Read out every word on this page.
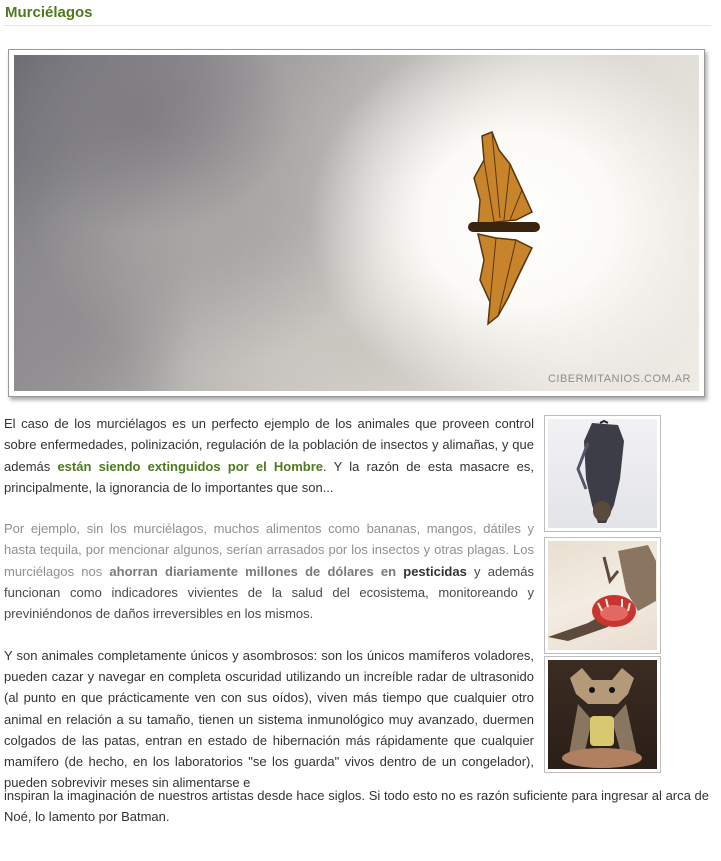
Murciélagos
CIBERMITANIOS.COM.AR

El caso de los murciélagos es un perfecto ejemplo de los animales que proveen control sobre enfermedades, polinización, regulación de la población de insectos y alimañas, y que además están siendo extinguidos por el Hombre. Y la razón de esta masacre es, principalmente, la ignorancia de lo importantes que son...

Por ejemplo, sin los murciélagos, muchos alimentos como bananas, mangos, dátiles y hasta tequila, por mencionar algunos, serían arrasados por los insectos y otras plagas. Los murciélagos nos ahorran diariamente millones de dólares en pesticidas y además funcionan como indicadores vivientes de la salud del ecosistema, monitoreando y previniéndonos de daños irreversibles en los mismos.

Y son animales completamente únicos y asombrosos: son los únicos mamíferos voladores, pueden cazar y navegar en completa oscuridad utilizando un increíble radar de ultrasonido (al punto en que prácticamente ven con sus oídos), viven más tiempo que cualquier otro animal en relación a su tamaño, tienen un sistema inmunológico muy avanzado, duermen colgados de las patas, entran en estado de hibernación más rápidamente que cualquier mamífero (de hecho, en los laboratorios "se los guarda" vivos dentro de un congelador), pueden sobrevivir meses sin alimentarse e

inspiran la imaginación de nuestros artistas desde hace siglos. Si todo esto no es razón suficiente para ingresar al arca de Noé, lo lamento por Batman.
